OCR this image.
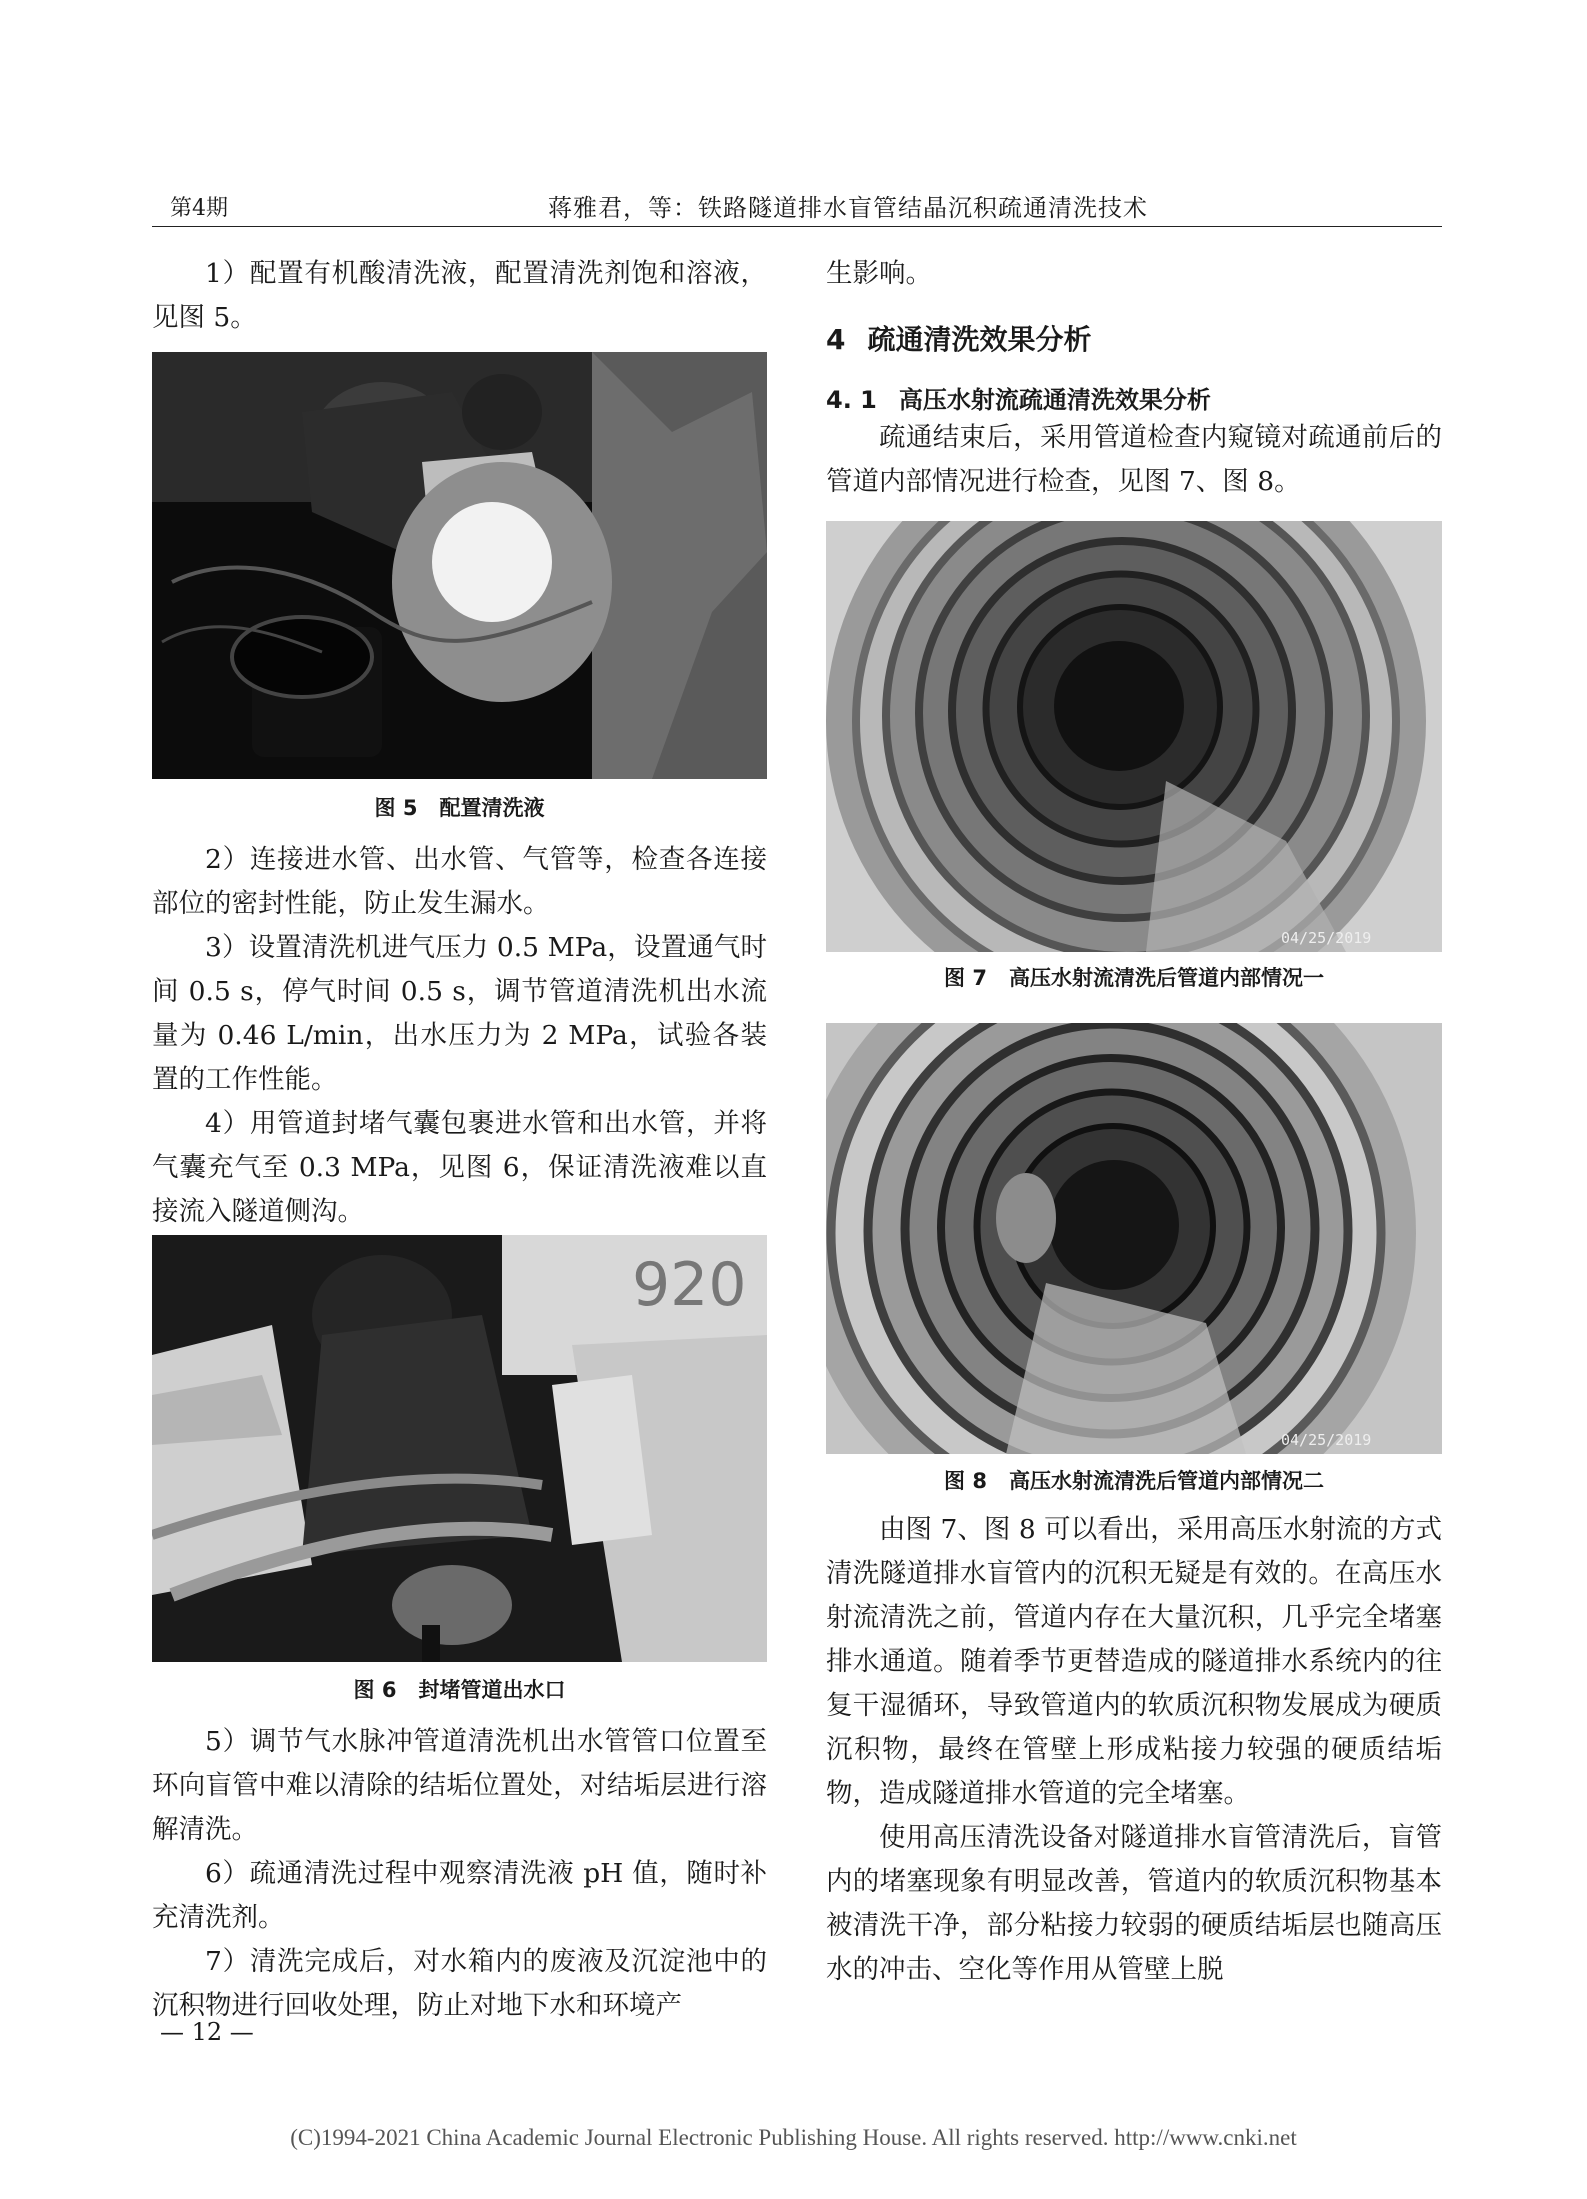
第4期	蒋雅君，等：铁路隧道排水盲管结晶沉积疏通清洗技术

1）配置有机酸清洗液，配置清洗剂饱和溶液，见图 5。

图 5 配置清洗液

2）连接进水管、出水管、气管等，检查各连接部位的密封性能，防止发生漏水。

3）设置清洗机进气压力 0.5 MPa，设置通气时间 0.5 s，停气时间 0.5 s，调节管道清洗机出水流量为 0.46 L/min，出水压力为 2 MPa，试验各装置的工作性能。

4）用管道封堵气囊包裹进水管和出水管，并将气囊充气至 0.3 MPa，见图 6，保证清洗液难以直接流入隧道侧沟。

920
图 6 封堵管道出水口

5）调节气水脉冲管道清洗机出水管管口位置至环向盲管中难以清除的结垢位置处，对结垢层进行溶解清洗。

6）疏通清洗过程中观察清洗液 pH 值，随时补充清洗剂。

7）清洗完成后，对水箱内的废液及沉淀池中的沉积物进行回收处理，防止对地下水和环境产

生影响。

4 疏通清洗效果分析
4. 1 高压水射流疏通清洗效果分析

疏通结束后，采用管道检查内窥镜对疏通前后的管道内部情况进行检查，见图 7、图 8。

04/25/2019
图 7 高压水射流清洗后管道内部情况一
04/25/2019
图 8 高压水射流清洗后管道内部情况二

由图 7、图 8 可以看出，采用高压水射流的方式清洗隧道排水盲管内的沉积无疑是有效的。在高压水射流清洗之前，管道内存在大量沉积，几乎完全堵塞排水通道。随着季节更替造成的隧道排水系统内的往复干湿循环，导致管道内的软质沉积物发展成为硬质沉积物，最终在管壁上形成粘接力较强的硬质结垢物，造成隧道排水管道的完全堵塞。

使用高压清洗设备对隧道排水盲管清洗后，盲管内的堵塞现象有明显改善，管道内的软质沉积物基本被清洗干净，部分粘接力较弱的硬质结垢层也随高压水的冲击、空化等作用从管壁上脱

— 12 —
(C)1994-2021 China Academic Journal Electronic Publishing House. All rights reserved. http://www.cnki.net
